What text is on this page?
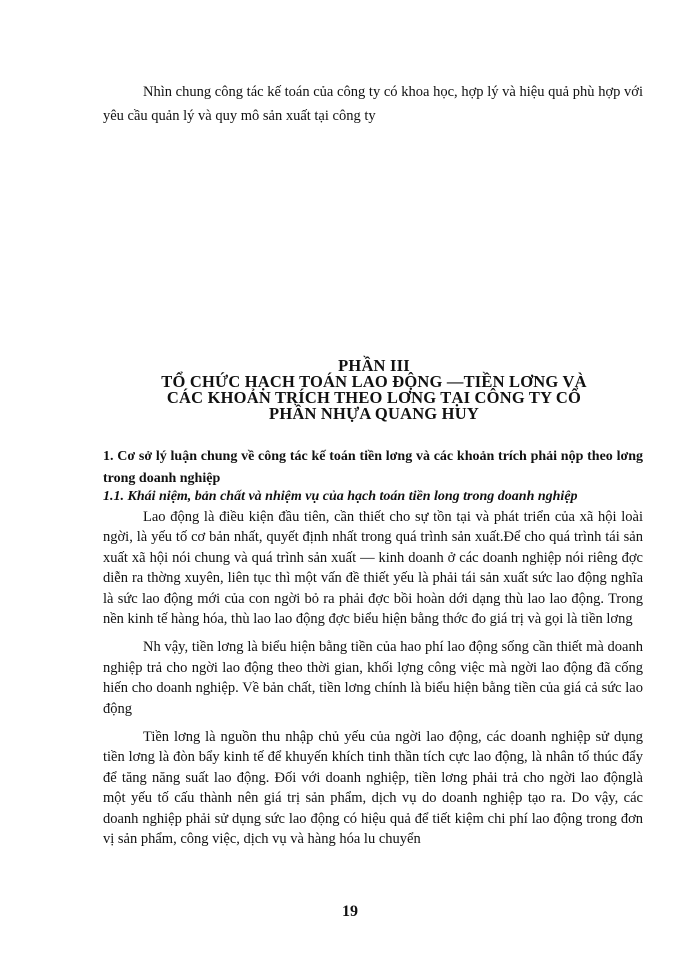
Nhìn chung công tác kế toán của công ty có khoa học, hợp lý và hiệu quả phù hợp với yêu cầu quản lý và quy mô sản xuất tại công ty

PHẦN III
TỔ CHỨC HẠCH TOÁN LAO ĐỘNG —TIỀN LƠNG VÀ
CÁC KHOẢN TRÍCH THEO LƠNG TẠI CÔNG TY CỔ
PHẦN NHỰA QUANG HUY
1. Cơ sở lý luận chung về công tác kế toán tiền lơng và các khoản trích phải nộp theo lơng trong doanh nghiệp
1.1. Khái niệm, bản chất và nhiệm vụ của hạch toán tiền long trong doanh nghiệp

Lao động là điều kiện đầu tiên, cần thiết cho sự tồn tại và phát triển của xã hội loài ngời, là yếu tố cơ bản nhất, quyết định nhất trong quá trình sản xuất.Để cho quá trình tái sản xuất xã hội nói chung và quá trình sản xuất — kinh doanh ở các doanh nghiệp nói riêng đợc diễn ra thờng xuyên, liên tục thì một vấn đề thiết yếu là phải tái sản xuất sức lao động nghĩa là sức lao động mới của con ngời bỏ ra phải đợc bồi hoàn dới dạng thù lao lao động. Trong nền kinh tế hàng hóa, thù lao lao động đợc biểu hiện bằng thớc đo giá trị và gọi là tiền lơng

Nh vậy, tiền lơng là biểu hiện bằng tiền của hao phí lao động sống cần thiết mà doanh nghiệp trả cho ngời lao động theo thời gian, khối lợng công việc mà ngời lao động đã cống hiến cho doanh nghiệp. Về bản chất, tiền lơng chính là biểu hiện bằng tiền của giá cả sức lao động

Tiền lơng là nguồn thu nhập chủ yếu của ngời lao động, các doanh nghiệp sử dụng tiền lơng là đòn bẩy kinh tế để khuyến khích tinh thần tích cực lao động, là nhân tố thúc đẩy để tăng năng suất lao động. Đối với doanh nghiệp, tiền lơng phải trả cho ngời lao độnglà một yếu tố cấu thành nên giá trị sản phẩm, dịch vụ do doanh nghiệp tạo ra. Do vậy, các doanh nghiệp phải sử dụng sức lao động có hiệu quả để tiết kiệm chi phí lao động trong đơn vị sản phẩm, công việc, dịch vụ và hàng hóa lu chuyển

19
